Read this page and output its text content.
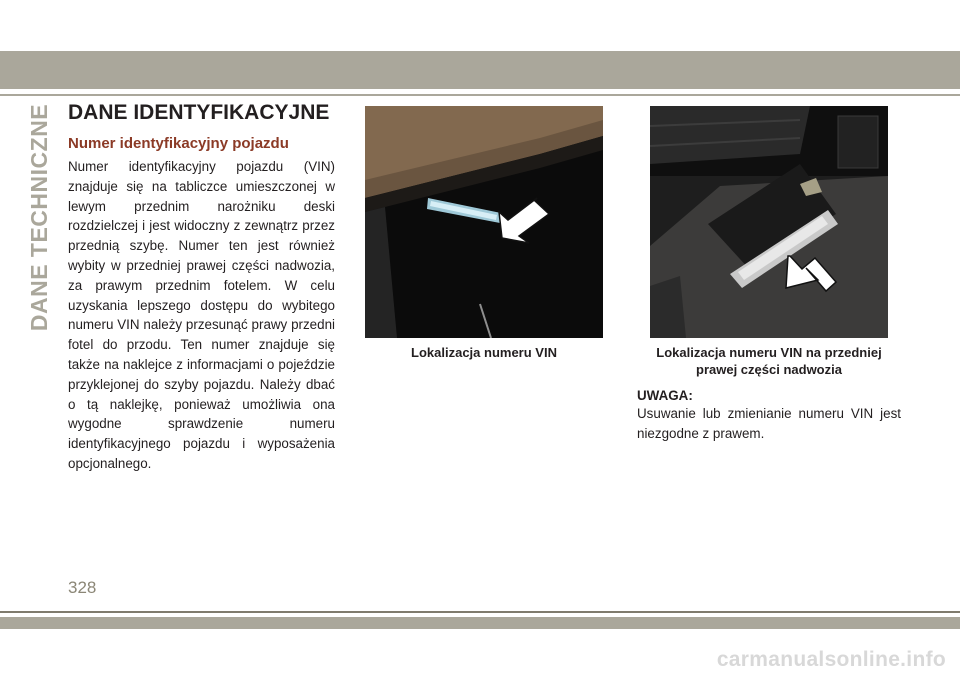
DANE TECHNICZNE DANE IDENTYFIKACYJNE
Numer identyfikacyjny pojazdu

Numer identyfikacyjny pojazdu (VIN) znajduje się na tabliczce umieszczonej w lewym przednim narożniku deski rozdzielczej i jest widoczny z zewnątrz przez przednią szybę. Numer ten jest również wybity w przedniej prawej części nadwozia, za prawym przednim fotelem. W celu uzyskania lepszego dostępu do wybitego numeru VIN należy przesunąć prawy przedni fotel do przodu. Ten numer znajduje się także na naklejce z informacjami o pojeździe przyklejonej do szyby pojazdu. Należy dbać o tą naklejkę, ponieważ umożliwia ona wygodne sprawdzenie numeru identyfikacyjnego pojazdu i wyposażenia opcjonalnego.

Lokalizacja numeru VIN	Lokalizacja numeru VIN na przedniej prawej części nadwozia

UWAGA:

Usuwanie lub zmienianie numeru VIN jest niezgodne z prawem.

328
carmanualsonline.info
